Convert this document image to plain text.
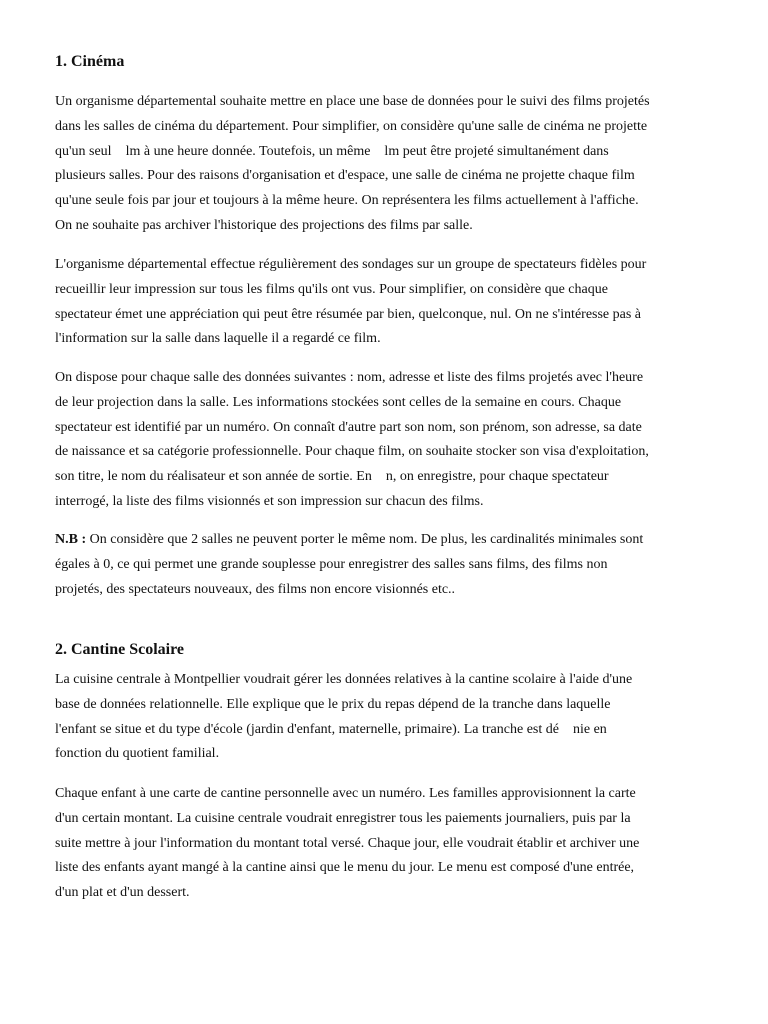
1. Cinéma
Un organisme départemental souhaite mettre en place une base de données pour le suivi des films projetés
dans les salles de cinéma du département. Pour simplifier, on considère qu'une salle de cinéma ne projette
qu'un seul    lm à une heure donnée. Toutefois, un même    lm peut être projeté simultanément dans
plusieurs salles. Pour des raisons d'organisation et d'espace, une salle de cinéma ne projette chaque film
qu'une seule fois par jour et toujours à la même heure. On représentera les films actuellement à l'affiche.
On ne souhaite pas archiver l'historique des projections des films par salle.
L'organisme départemental effectue régulièrement des sondages sur un groupe de spectateurs fidèles pour
recueillir leur impression sur tous les films qu'ils ont vus. Pour simplifier, on considère que chaque
spectateur émet une appréciation qui peut être résumée par bien, quelconque, nul. On ne s'intéresse pas à
l'information sur la salle dans laquelle il a regardé ce film.
On dispose pour chaque salle des données suivantes : nom, adresse et liste des films projetés avec l'heure
de leur projection dans la salle. Les informations stockées sont celles de la semaine en cours. Chaque
spectateur est identifié par un numéro. On connaît d'autre part son nom, son prénom, son adresse, sa date
de naissance et sa catégorie professionnelle. Pour chaque film, on souhaite stocker son visa d'exploitation,
son titre, le nom du réalisateur et son année de sortie. En    n, on enregistre, pour chaque spectateur
interrogé, la liste des films visionnés et son impression sur chacun des films.
N.B : On considère que 2 salles ne peuvent porter le même nom. De plus, les cardinalités minimales sont
égales à 0, ce qui permet une grande souplesse pour enregistrer des salles sans films, des films non
projetés, des spectateurs nouveaux, des films non encore visionnés etc..
2. Cantine Scolaire
La cuisine centrale à Montpellier voudrait gérer les données relatives à la cantine scolaire à l'aide d'une
base de données relationnelle. Elle explique que le prix du repas dépend de la tranche dans laquelle
l'enfant se situe et du type d'école (jardin d'enfant, maternelle, primaire). La tranche est dé    nie en
fonction du quotient familial.
Chaque enfant à une carte de cantine personnelle avec un numéro. Les familles approvisionnent la carte
d'un certain montant. La cuisine centrale voudrait enregistrer tous les paiements journaliers, puis par la
suite mettre à jour l'information du montant total versé. Chaque jour, elle voudrait établir et archiver une
liste des enfants ayant mangé à la cantine ainsi que le menu du jour. Le menu est composé d'une entrée,
d'un plat et d'un dessert.
